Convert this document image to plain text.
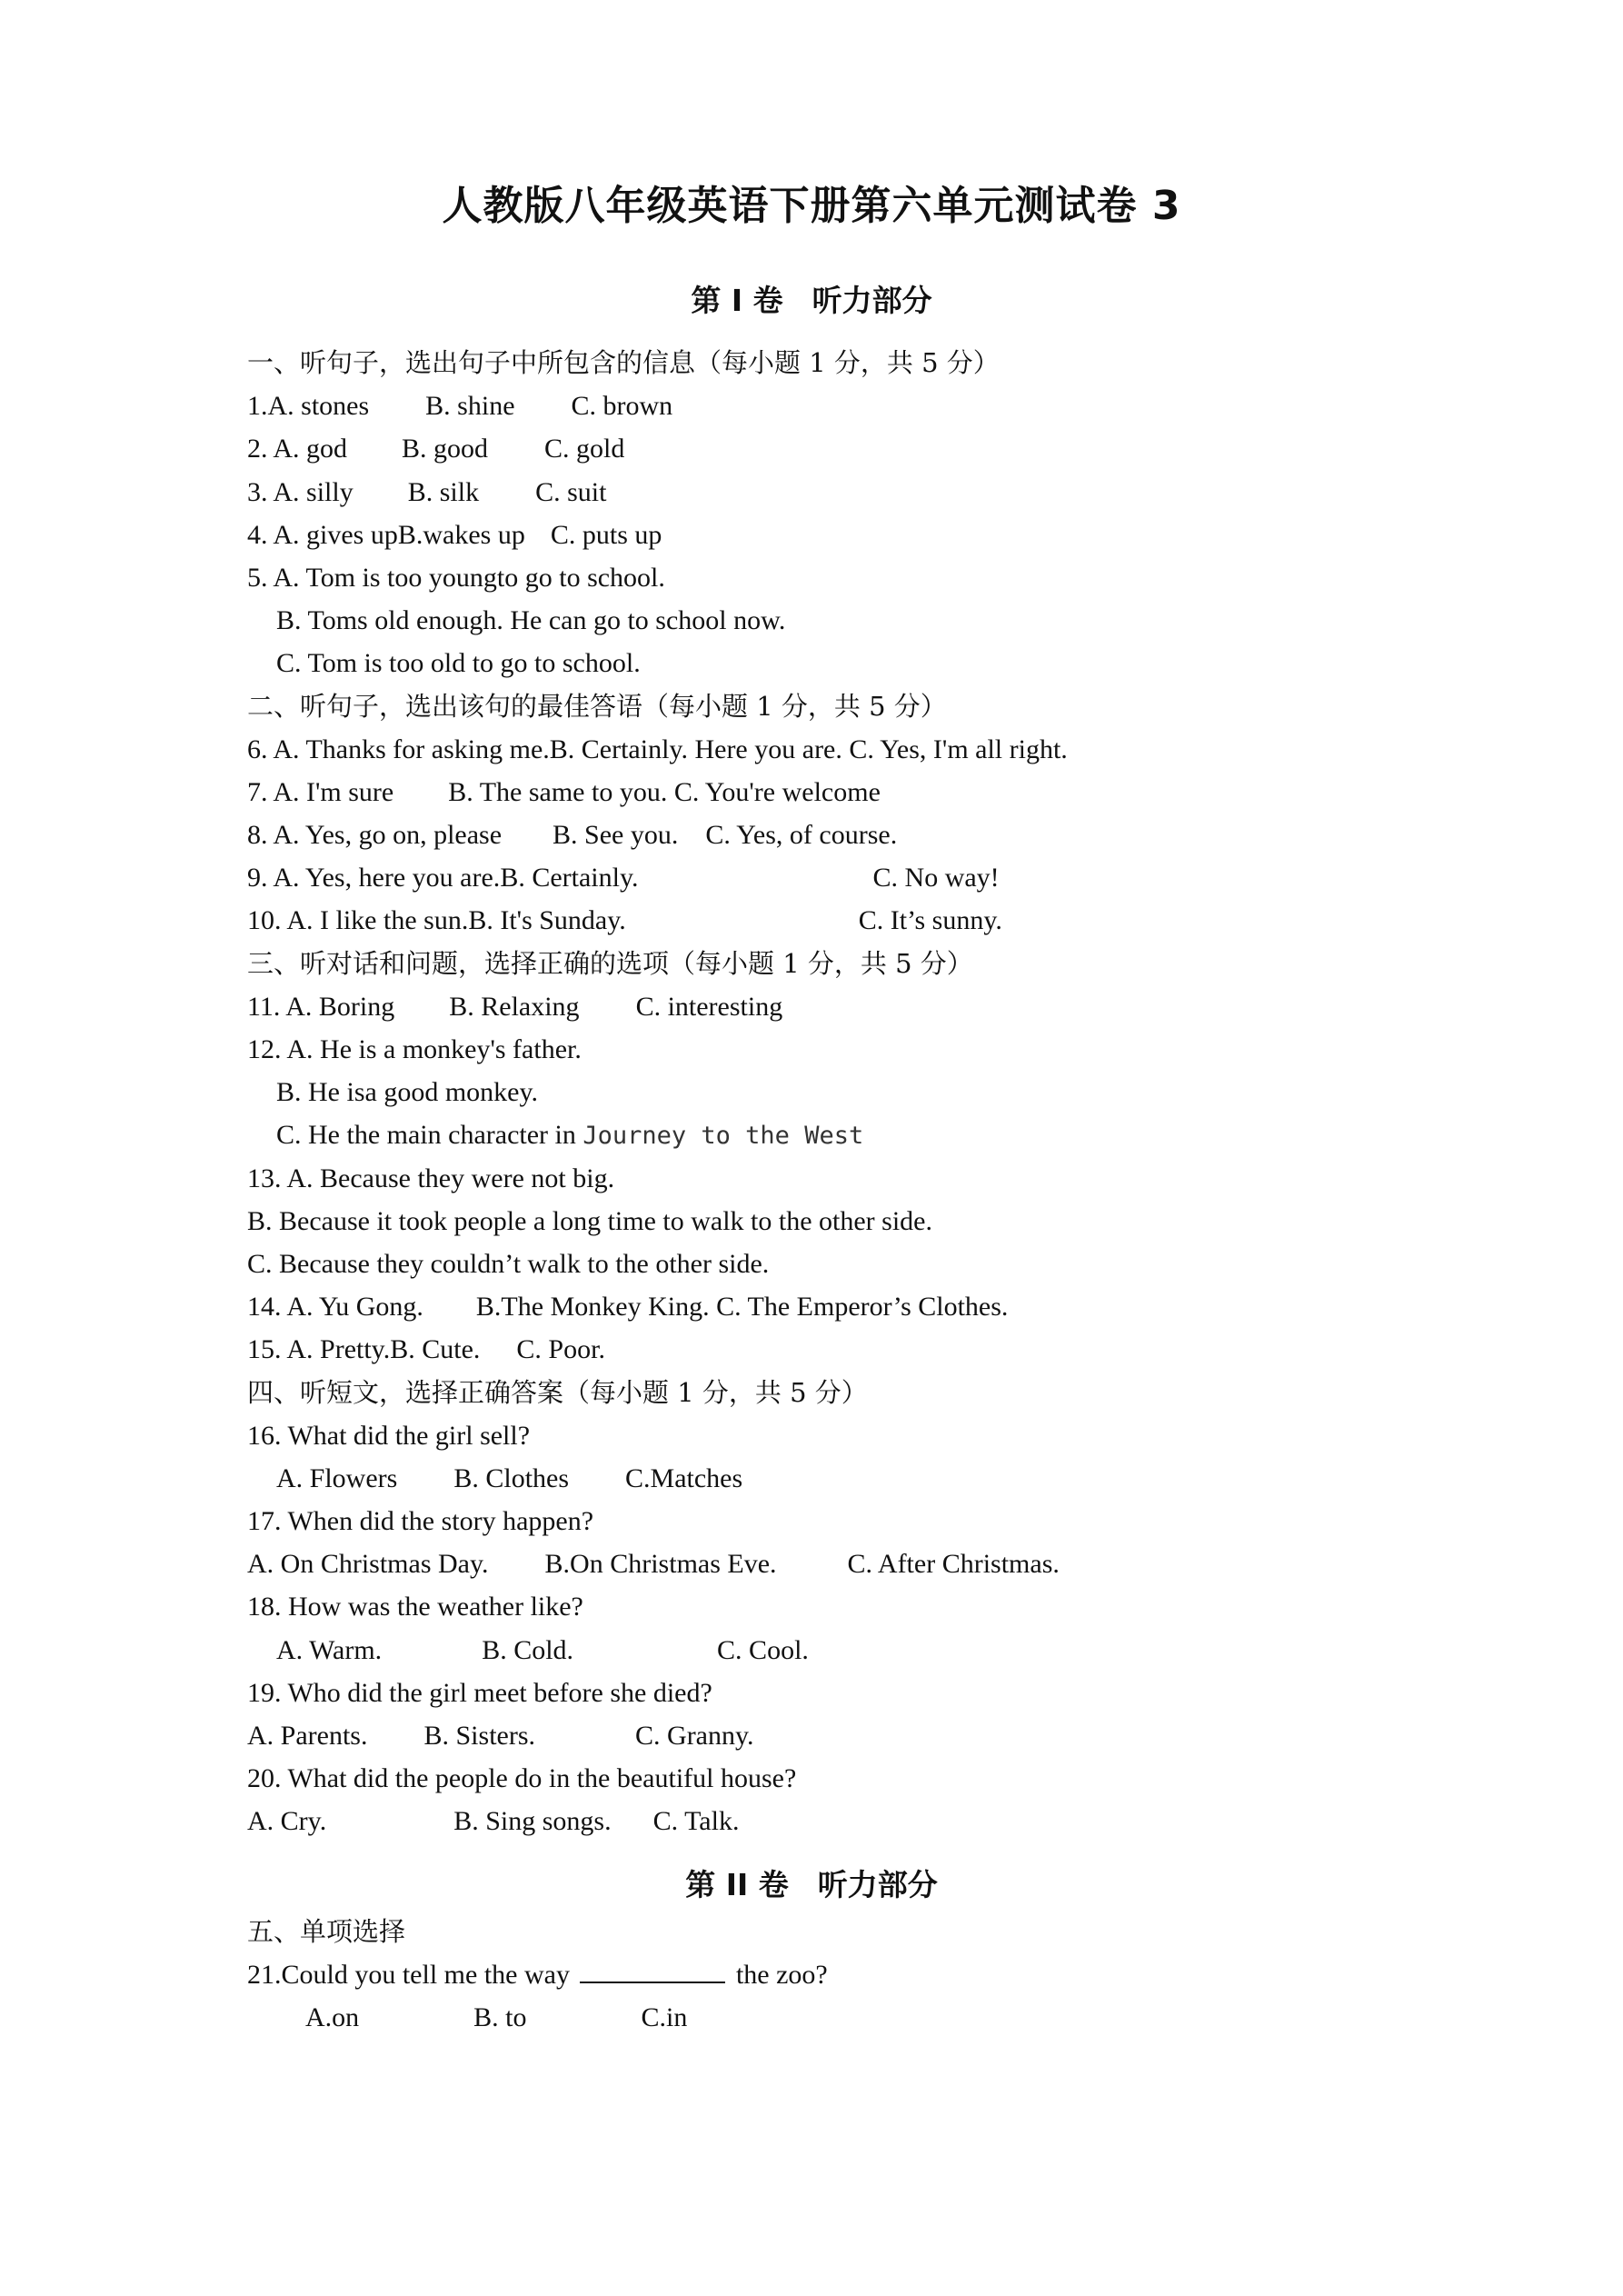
人教版八年级英语下册第六单元测试卷 3
第 I 卷 听力部分
一、听句子，选出句子中所包含的信息（每小题 1 分，共 5 分）
1.A. stones B. shine C. brown
2. A. god B. good C. gold
3. A. silly B. silk C. suit
4. A. gives upB.wakes up C. puts up
5. A. Tom is too youngto go to school.
B. Toms old enough. He can go to school now.
C. Tom is too old to go to school.
二、听句子，选出该句的最佳答语（每小题 1 分，共 5 分）
6. A. Thanks for asking me.B. Certainly. Here you are. C. Yes, I'm all right.
7. A. I'm sure B. The same to you. C. You're welcome
8. A. Yes, go on, please B. See you. C. Yes, of course.
9. A. Yes, here you are.B. Certainly.	C. No way!
10. A. I like the sun.B. It's Sunday.	C. It’s sunny.
三、听对话和问题，选择正确的选项（每小题 1 分，共 5 分）
11. A. Boring B. Relaxing C. interesting
12. A. He is a monkey's father.
B. He isa good monkey.
C. He the main character in Journey to the West
13. A. Because they were not big.
B. Because it took people a long time to walk to the other side.
C. Because they couldn’t walk to the other side.
14. A. Yu Gong. B.The Monkey King. C. The Emperor’s Clothes.
15. A. Pretty.B. Cute. C. Poor.
四、听短文，选择正确答案（每小题 1 分，共 5 分）
16. What did the girl sell?
A. Flowers B. Clothes C.Matches
17. When did the story happen?
A. On Christmas Day. B.On Christmas Eve.	C. After Christmas.
18. How was the weather like?
A. Warm.	B. Cold.	C. Cool.
19. Who did the girl meet before she died?
A. Parents. B. Sisters.	C. Granny.
20. What did the people do in the beautiful house?
A. Cry.	B. Sing songs. C. Talk.
五、单项选择
21.Could you tell me the way	the zoo?
A.on	B. to	C.in
第 II 卷 听力部分
